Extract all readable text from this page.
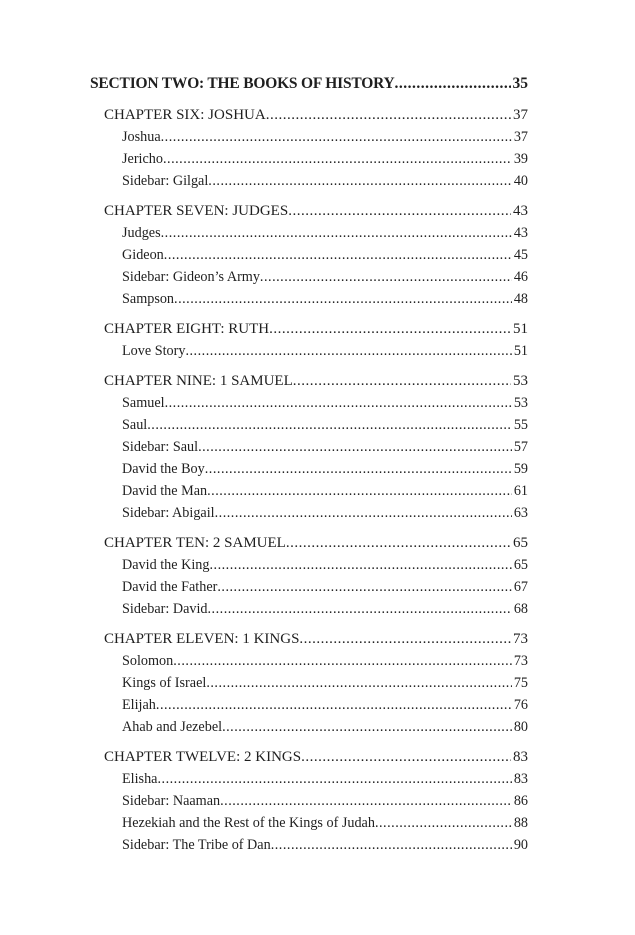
SECTION TWO: THE BOOKS OF HISTORY .....	35
CHAPTER SIX: JOSHUA .....	37
Joshua .....	37
Jericho .....	39
Sidebar: Gilgal .....	40
CHAPTER SEVEN: JUDGES .....	43
Judges .....	43
Gideon .....	45
Sidebar: Gideon’s Army .....	46
Sampson .....	48
CHAPTER EIGHT: RUTH .....	51
Love Story .....	51
CHAPTER NINE: 1 SAMUEL .....	53
Samuel .....	53
Saul .....	55
Sidebar: Saul .....	57
David the Boy .....	59
David the Man .....	61
Sidebar: Abigail .....	63
CHAPTER TEN: 2 SAMUEL .....	65
David the King .....	65
David the Father .....	67
Sidebar: David .....	68
CHAPTER ELEVEN: 1 KINGS .....	73
Solomon .....	73
Kings of Israel .....	75
Elijah .....	76
Ahab and Jezebel .....	80
CHAPTER TWELVE: 2 KINGS .....	83
Elisha .....	83
Sidebar: Naaman .....	86
Hezekiah and the Rest of the Kings of Judah .....	88
Sidebar: The Tribe of Dan .....	90
